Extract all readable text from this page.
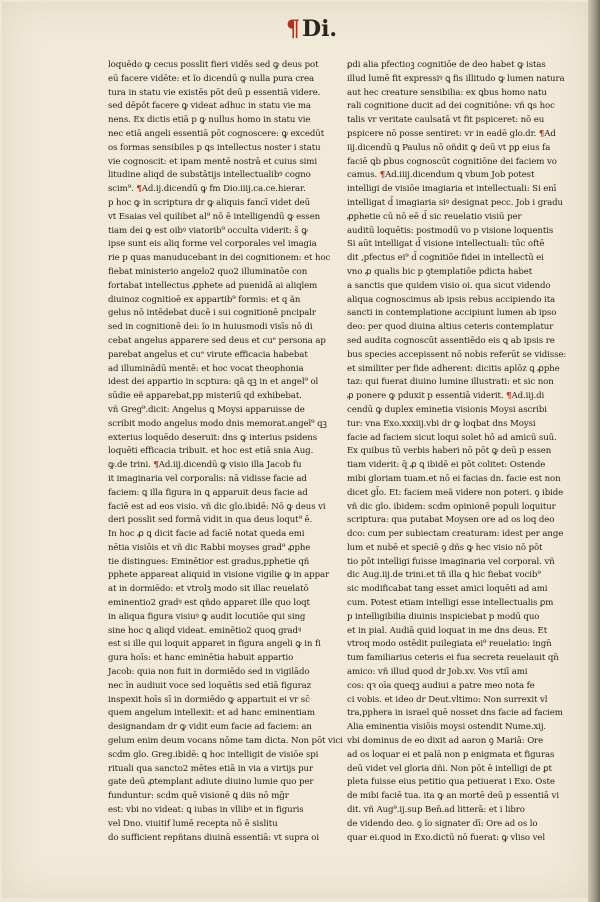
¶Di.
loquēdo ꝙ cecus posslit fieri vidēs sed ꝙ deus pot
eū facere vidēte: et ĩo dicendū ꝙ nulla pura crea
tura in statu vie existēs pōt deū p essentiā videre.
sed dēpōt facere ꝙ videat adhuc in statu vie ma
nens. Ex dictis etiā p ꝙ nullus homo in statu vie
nec etiā angeli essentiā pōt cognoscere: ꝙ excedūt
os formas sensibiles p ꝗs intellectus noster i statu
vie cognoscit: et ipam mentē nostrā et cuius simi
litudine aliqd de substātijs intellectualibꝰ cogno
scim⁹. ¶Ad.ij.dicendū ꝙ fm Dio.iiij.ca.ce.hierar.
p hoc ꝙ in scriptura dr ꝙ aliquis fancī videt deū
vt Esaias vel quilibet al⁹ nō ē intelligendū ꝙ essen
tiam dei ꝙ est oibꝰ viatorib⁹ occulta viderit: s̄ ꝙ
ipse sunt eis aliq forme vel corporales vel imagia
rie p quas manuducebant in dei cognitionem: et hoc
fiebat ministerio angelo2 quo2 illuminatōe con
fortabat intellectus ꝓphete ad puenidā ai aliqlem
diuinoz cognitioē ex appartib⁹ formis: et q ãn
gelus nō intēdebat ducē i sui cognitionē pncipalr
sed in cognitionē dei: ĩo in huiusmodi visīs nō di
cebat angelus apparere sed deus et cuᵉ persona ap
parebat angelus et cuᵉ virute efficacia habebat
ad illuminādū mentē: et hoc vocat theophonia
idest dei appartio in scptura: qã qꝫ in et angel⁹ ol
sūdie eẽ apparebat,pp misteriū qd exhibebat.
vñ Greg⁹.dicit: Angelus ꝗ Moysi apparuisse de
scribit modo angelus modo dnis memorat.angel⁹ qꝫ
exterius loquēdo deseruit: dns ꝙ interius psidens
loquēti efficacia tribuit. et hoc est etiā snia Aug.
ꝙ.de trini. ¶Ad.iij.dicendū ꝙ visio illa Jacob fu
it imaginaria vel corporalis: nā vidisse facie ad
faciem: ꝗ illa figura in ꝗ apparuit deus facie ad
faciē est ad eos visio. vñ dic glo.ibidē: Nō ꝙ deus vi
deri posslit sed formā vidit in qua deus loqut⁹ ē.
In hoc ꝓ ꝗ dicit facie ad faciē notat queda emi
nētia visiōis et vñ dic Rabbi moyses grad⁹ ꝓphe
tie distingues: Eminētior est gradus,pphetie qñ
pphete appareat aliquid in visione vigilie ꝙ in appar
at in dormiēdo: et vtrolꝫ modo sit illac reuelatō
eminentio2 gradꝰ est qñdo apparet ille quo loqt
in aliqua figura visiuꝰ ꝙ audit locutiōe qui sing
sine hoc ꝗ aliqd videat. eminētio2 quoꝗ gradꝰ
est si ille qui loquit apparet in figura angeli ꝙ in fi
gura hoīs: et hanc eminētia habuit appartio
Jacob: quia non fuit in dormiēdo sed in vigilādo
nec īn audiuit voce sed loquētis sed etiā figuraz
inspexit hoīs sī in dormiēdo ꝙ appartuit ei vr sc̄
quem angelum intellexit: et ad hanc eminentiam
designandam dr ꝙ vidit eum facie ad faciem: an
gelum enim deum vocans nōme tam dicta. Non pōt vici
scdm glo. Greg.ibidē: ꝗ hoc intelligit de visiōe spi
rituali qua sancto2 mētes etiā in via a virtijs pur
gate deū ꝓtemplant adiute diuino lumie quo per
funduntur: scdm quē visionē ꝗ diis nō mḡr
est: vbi no videat: ꝗ iubas in vllibꝰ et in figuris
vel Dno. viuitif lumē recepta nō ē sislitu
do sufficient repñtans diuinā essentiā: vt supra oi
ꝑdi alia pfectioꝫ cognitiōe de deo habet ꝙ istas
illud lumē fit expressiꝰ ꝗ fis illitudo ꝙ lumen natura
aut hec creature sensibilia: ex ꝗbus homo natu
rali cognitione ducit ad dei cognitiōne: vñ ꝗs hoc
talis vr veritate caulsatā vt fit pspiceret: nō eu
pspicere nō posse sentiret: vr in eadē glo.dr. ¶Ad
iij.dicendū ꝗ Paulus nō oñdit ꝙ deū vt pꝑ eius fa
faciē ꝗb ꝑbus cognoscūt cognitiōne dei faciem vo
camus. ¶Ad.iiij.dicendum ꝗ vbum Job potest
intelligi de visiōe imagiaria et intellectuali: Si enī
intelligat d̄ imagiaria siꝰ designat pecc. Job i gradu
ꝓphetie cū nō eē d̄ sic reuelatio visiū per
auditū loquētis: postmodū vo p visione loquentis
Si aūt intelligat d̄ visione intellectuali: tūc oftē
dit ,pfectus ei⁹ d̄ cognitiōe fidei in intellectū ei
vno ꝓ qualis bic p ꝯtemplatiōe pdicta habet
a sanctis que quidem visio oi. qua sicut videndo
aliqua cognoscimus ab ipsis rebus accipiendo ita
sancti in contemplatione accipiunt lumen ab ipso
deo: per quod diuina altius ceteris contemplatur
sed audita cognoscūt assentiēdo eis ꝗ ab ipsis re
bus species accepissent nō nobis referūt se vidisse:
et similiter per fide adherent: dicitis aplōz ꝗ ꝓphe
taz: qui fuerat diuino lumine illustrati: et sic non
ꝓ ponere ꝙ pduxit p essentiā viderit. ¶Ad.iij.di
cendū ꝙ duplex eminetia visionis Moysi ascribi
tur: vna Exo.xxxiij.vbi dr ꝙ loqbat dns Moysi
facie ad faciem sicut loqui solet hō ad amicū suū.
Ex quibus tū verbis haberi nō pōt ꝙ deū p essen
tiam viderit: q̄ ꝓ ꝗ ibidē ei pōt colitet: Ostende
mibi gloriam tuam.et nō ei facias dn. facie est non
dicet gl̄o. Et: faciem meã videre non poteri. ꝯ ibide
vñ dic glo. ibidem: scdm opinionē populi loquitur
scriptura: qua putabat Moysen ore ad os loq deo
dco: cum per subiectam creaturam: idest per ange
lum et nubē et speciē ꝯ dñs ꝙ hec visio nō pōt
tio pōt intelligi fuisse imaginaria vel corporal. vñ
dic Aug.iij.de trini.et tñ illa ꝗ hic fiebat vocib⁹
sic modificabat tang esset amici loquēti ad ami
cum. Potest etiam intelligi esse intellectualis ꝑm
p intelligibilia diuinis inspiciebat p modū quo
et in pial. Audiā quid loquat in me dns deus. Et
vtroq modo ostēdit puilegiata ei⁹ reuelatio: ingn̄
tum familiarius ceteris ei fua secreta reuelauit qn̄
amico: vñ illud quod dr Job.xv. Vos vtiī ami
cos: qꝛ oīa queqꝫ audiui a patre meo nota fe
ci vobis. et ideo dr Deut.vltimo: Non surrexit vl
tra,pphera in israel quē nosset dns facie ad faciem
Alia eminentia visiōis moysi ostendit Nume.xij.
vbi dominus de eo dixit ad aaron ꝯ Mariā: Ore
ad os loquar ei et palā non p enigmata et figuras
deū videt vel gloria dñi. Non pōt ē intelligi de ꝑt
pleta fuisse eius petitio qua petiuerat i Exo. Oste
de mibi faciē tua. ita ꝙ an mortē deū p essentiā vi
dit. vñ Aug⁹.ij.sup Ben̄.ad litterā: et i libro
de videndo deo. ꝯ ĩo signater dī: Ore ad os lo
quar ei.quod in Exo.dictū nō fuerat: ꝙ vliso vel
